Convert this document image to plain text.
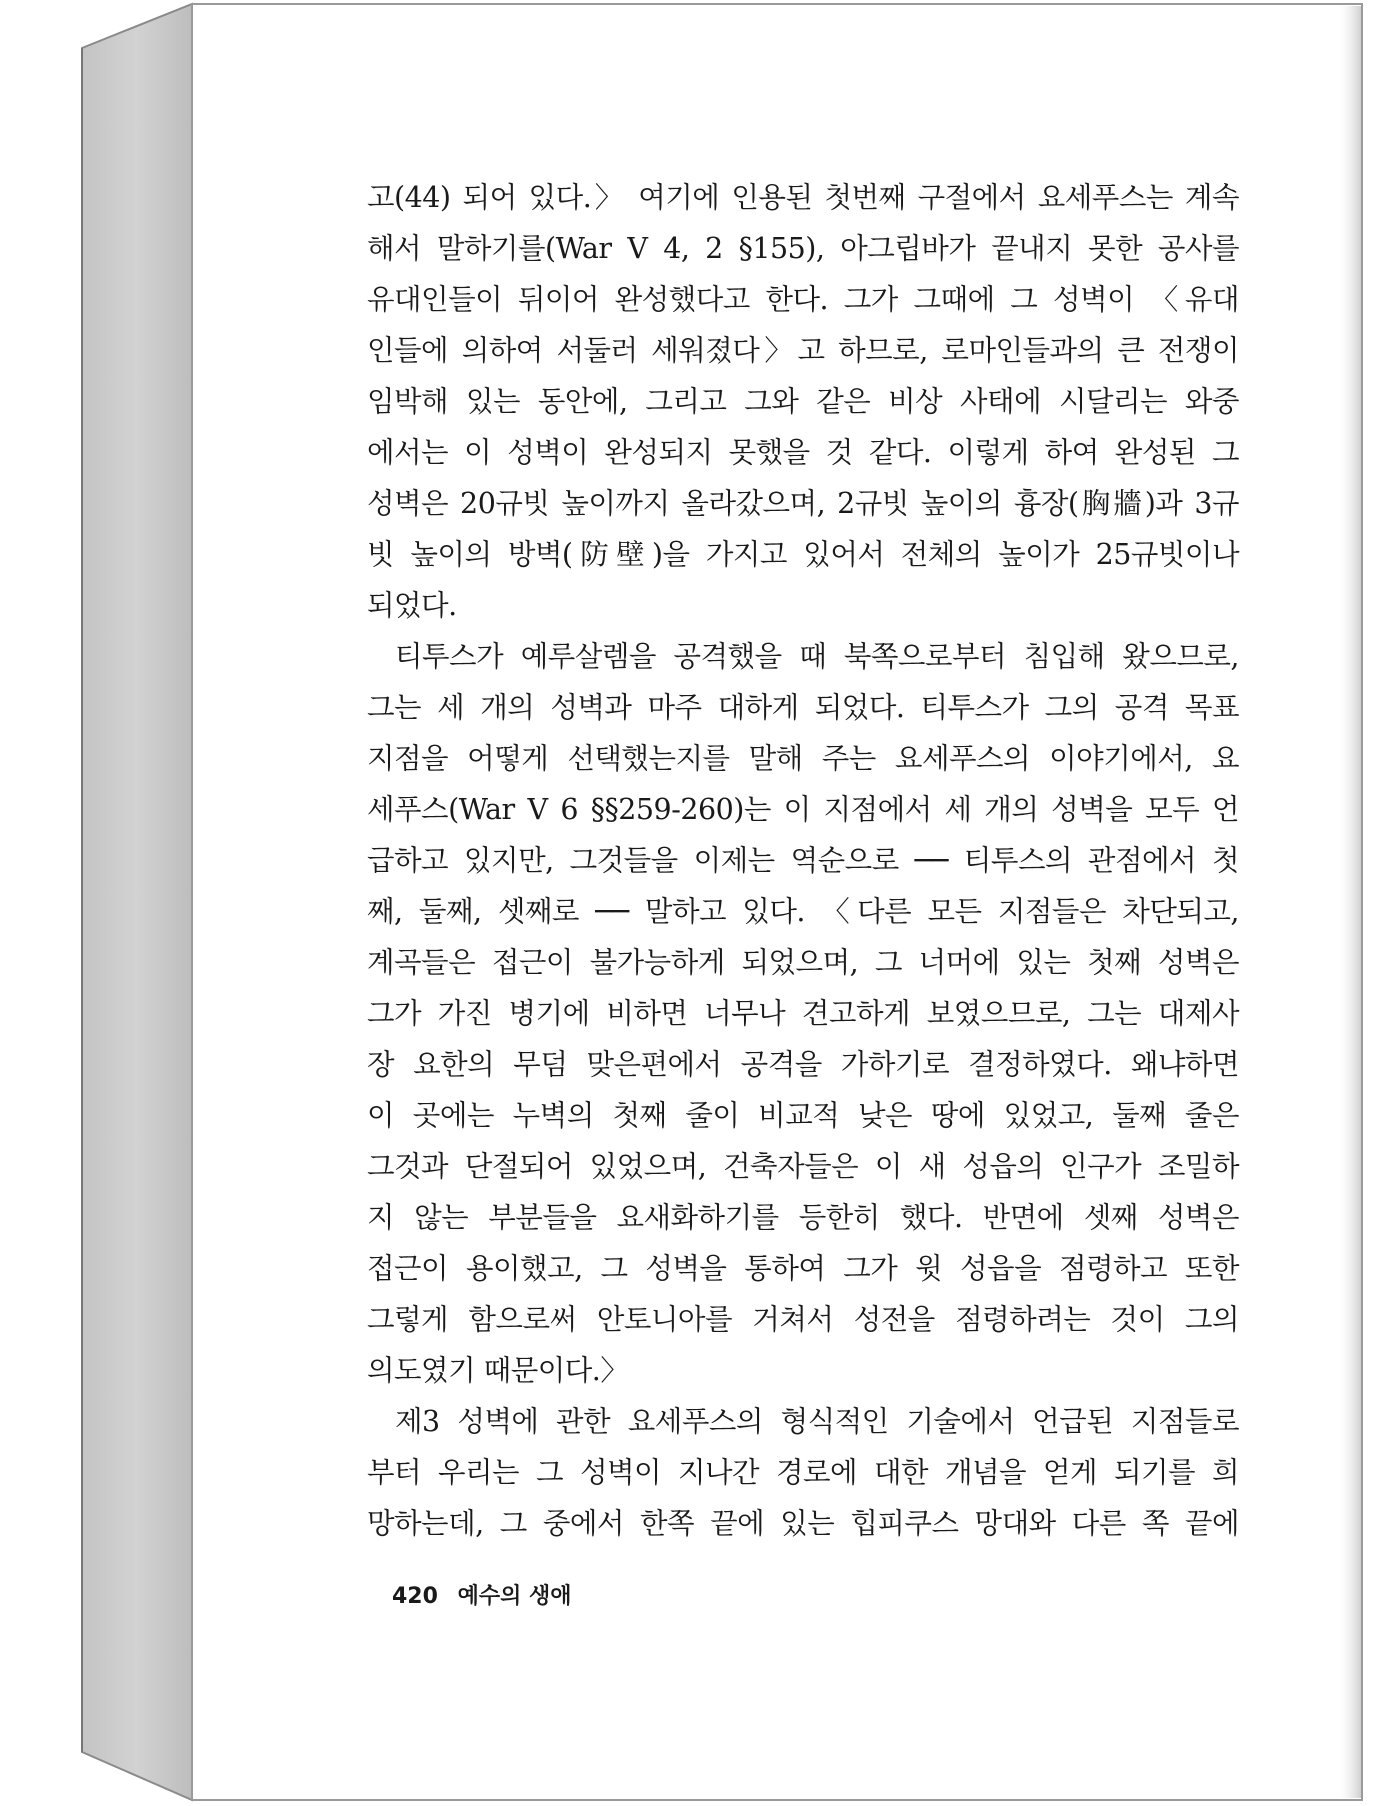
고(44) 되어 있다.〉 여기에 인용된 첫번째 구절에서 요세푸스는 계속
해서 말하기를(War V 4, 2 §155), 아그립바가 끝내지 못한 공사를
유대인들이 뒤이어 완성했다고 한다. 그가 그때에 그 성벽이 〈유대
인들에 의하여 서둘러 세워졌다〉고 하므로, 로마인들과의 큰 전쟁이
임박해 있는 동안에, 그리고 그와 같은 비상 사태에 시달리는 와중
에서는 이 성벽이 완성되지 못했을 것 같다. 이렇게 하여 완성된 그
성벽은 20규빗 높이까지 올라갔으며, 2규빗 높이의 흉장(胸牆)과 3규
빗 높이의 방벽(防壁)을 가지고 있어서 전체의 높이가 25규빗이나
되었다.
티투스가 예루살렘을 공격했을 때 북쪽으로부터 침입해 왔으므로,
그는 세 개의 성벽과 마주 대하게 되었다. 티투스가 그의 공격 목표
지점을 어떻게 선택했는지를 말해 주는 요세푸스의 이야기에서, 요
세푸스(War V 6 §§259-260)는 이 지점에서 세 개의 성벽을 모두 언
급하고 있지만, 그것들을 이제는 역순으로 ── 티투스의 관점에서 첫
째, 둘째, 셋째로 ── 말하고 있다. 〈다른 모든 지점들은 차단되고,
계곡들은 접근이 불가능하게 되었으며, 그 너머에 있는 첫째 성벽은
그가 가진 병기에 비하면 너무나 견고하게 보였으므로, 그는 대제사
장 요한의 무덤 맞은편에서 공격을 가하기로 결정하였다. 왜냐하면
이 곳에는 누벽의 첫째 줄이 비교적 낮은 땅에 있었고, 둘째 줄은
그것과 단절되어 있었으며, 건축자들은 이 새 성읍의 인구가 조밀하
지 않는 부분들을 요새화하기를 등한히 했다. 반면에 셋째 성벽은
접근이 용이했고, 그 성벽을 통하여 그가 윗 성읍을 점령하고 또한
그렇게 함으로써 안토니아를 거쳐서 성전을 점령하려는 것이 그의
의도였기 때문이다.〉
제3 성벽에 관한 요세푸스의 형식적인 기술에서 언급된 지점들로
부터 우리는 그 성벽이 지나간 경로에 대한 개념을 얻게 되기를 희
망하는데, 그 중에서 한쪽 끝에 있는 힙피쿠스 망대와 다른 쪽 끝에
420 예수의 생애
